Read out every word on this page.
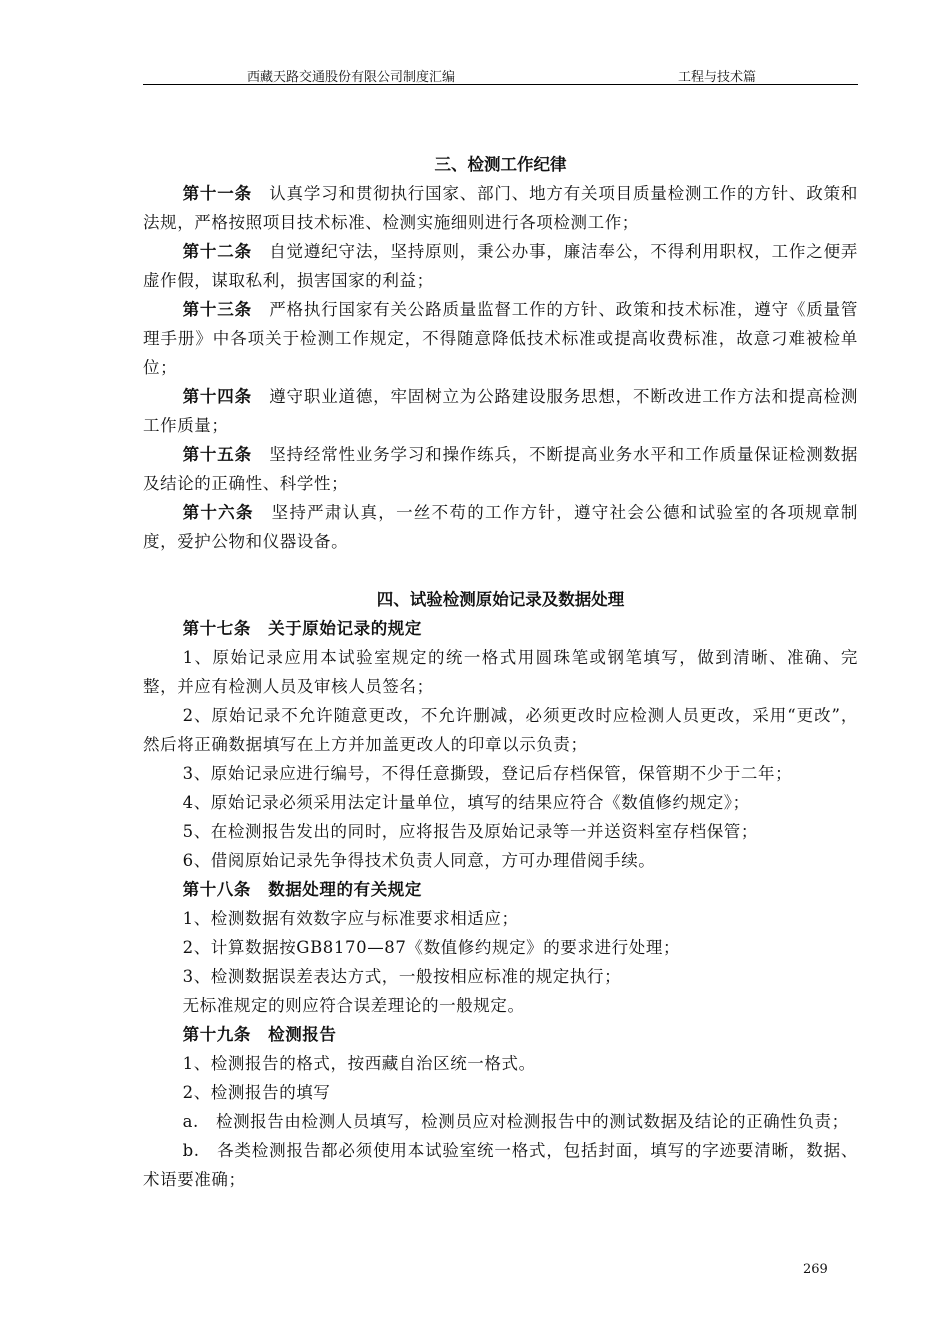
西藏天路交通股份有限公司制度汇编	工程与技术篇
三、检测工作纪律

第十一条　 认真学习和贯彻执行国家、部门、地方有关项目质量检测工作的方针、政策和法规，严格按照项目技术标准、检测实施细则进行各项检测工作；

第十二条　 自觉遵纪守法，坚持原则，秉公办事，廉洁奉公，不得利用职权，工作之便弄虚作假，谋取私利，损害国家的利益；

第十三条　 严格执行国家有关公路质量监督工作的方针、政策和技术标准，遵守《质量管理手册》中各项关于检测工作规定，不得随意降低技术标准或提高收费标准，故意刁难被检单位；

第十四条　 遵守职业道德，牢固树立为公路建设服务思想，不断改进工作方法和提高检测工作质量；

第十五条　 坚持经常性业务学习和操作练兵，不断提高业务水平和工作质量保证检测数据及结论的正确性、科学性；

第十六条　 坚持严肃认真，一丝不苟的工作方针，遵守社会公德和试验室的各项规章制度，爱护公物和仪器设备。

四、试验检测原始记录及数据处理

第十七条　关于原始记录的规定

1、原始记录应用本试验室规定的统一格式用圆珠笔或钢笔填写，做到清晰、准确、完整，并应有检测人员及审核人员签名；

2、原始记录不允许随意更改，不允许删减，必须更改时应检测人员更改，采用“更改”，然后将正确数据填写在上方并加盖更改人的印章以示负责；

3、原始记录应进行编号，不得任意撕毁，登记后存档保管，保管期不少于二年；

4、原始记录必须采用法定计量单位，填写的结果应符合《数值修约规定》；

5、在检测报告发出的同时，应将报告及原始记录等一并送资料室存档保管；

6、借阅原始记录先争得技术负责人同意，方可办理借阅手续。

第十八条　数据处理的有关规定

1、检测数据有效数字应与标准要求相适应；

2、计算数据按GB8170—87《数值修约规定》的要求进行处理；

3、检测数据误差表达方式，一般按相应标准的规定执行；

无标准规定的则应符合误差理论的一般规定。

第十九条　检测报告

1、检测报告的格式，按西藏自治区统一格式。

2、检测报告的填写

a.　检测报告由检测人员填写，检测员应对检测报告中的测试数据及结论的正确性负责；

b.　各类检测报告都必须使用本试验室统一格式，包括封面，填写的字迹要清晰，数据、术语要准确；

269
